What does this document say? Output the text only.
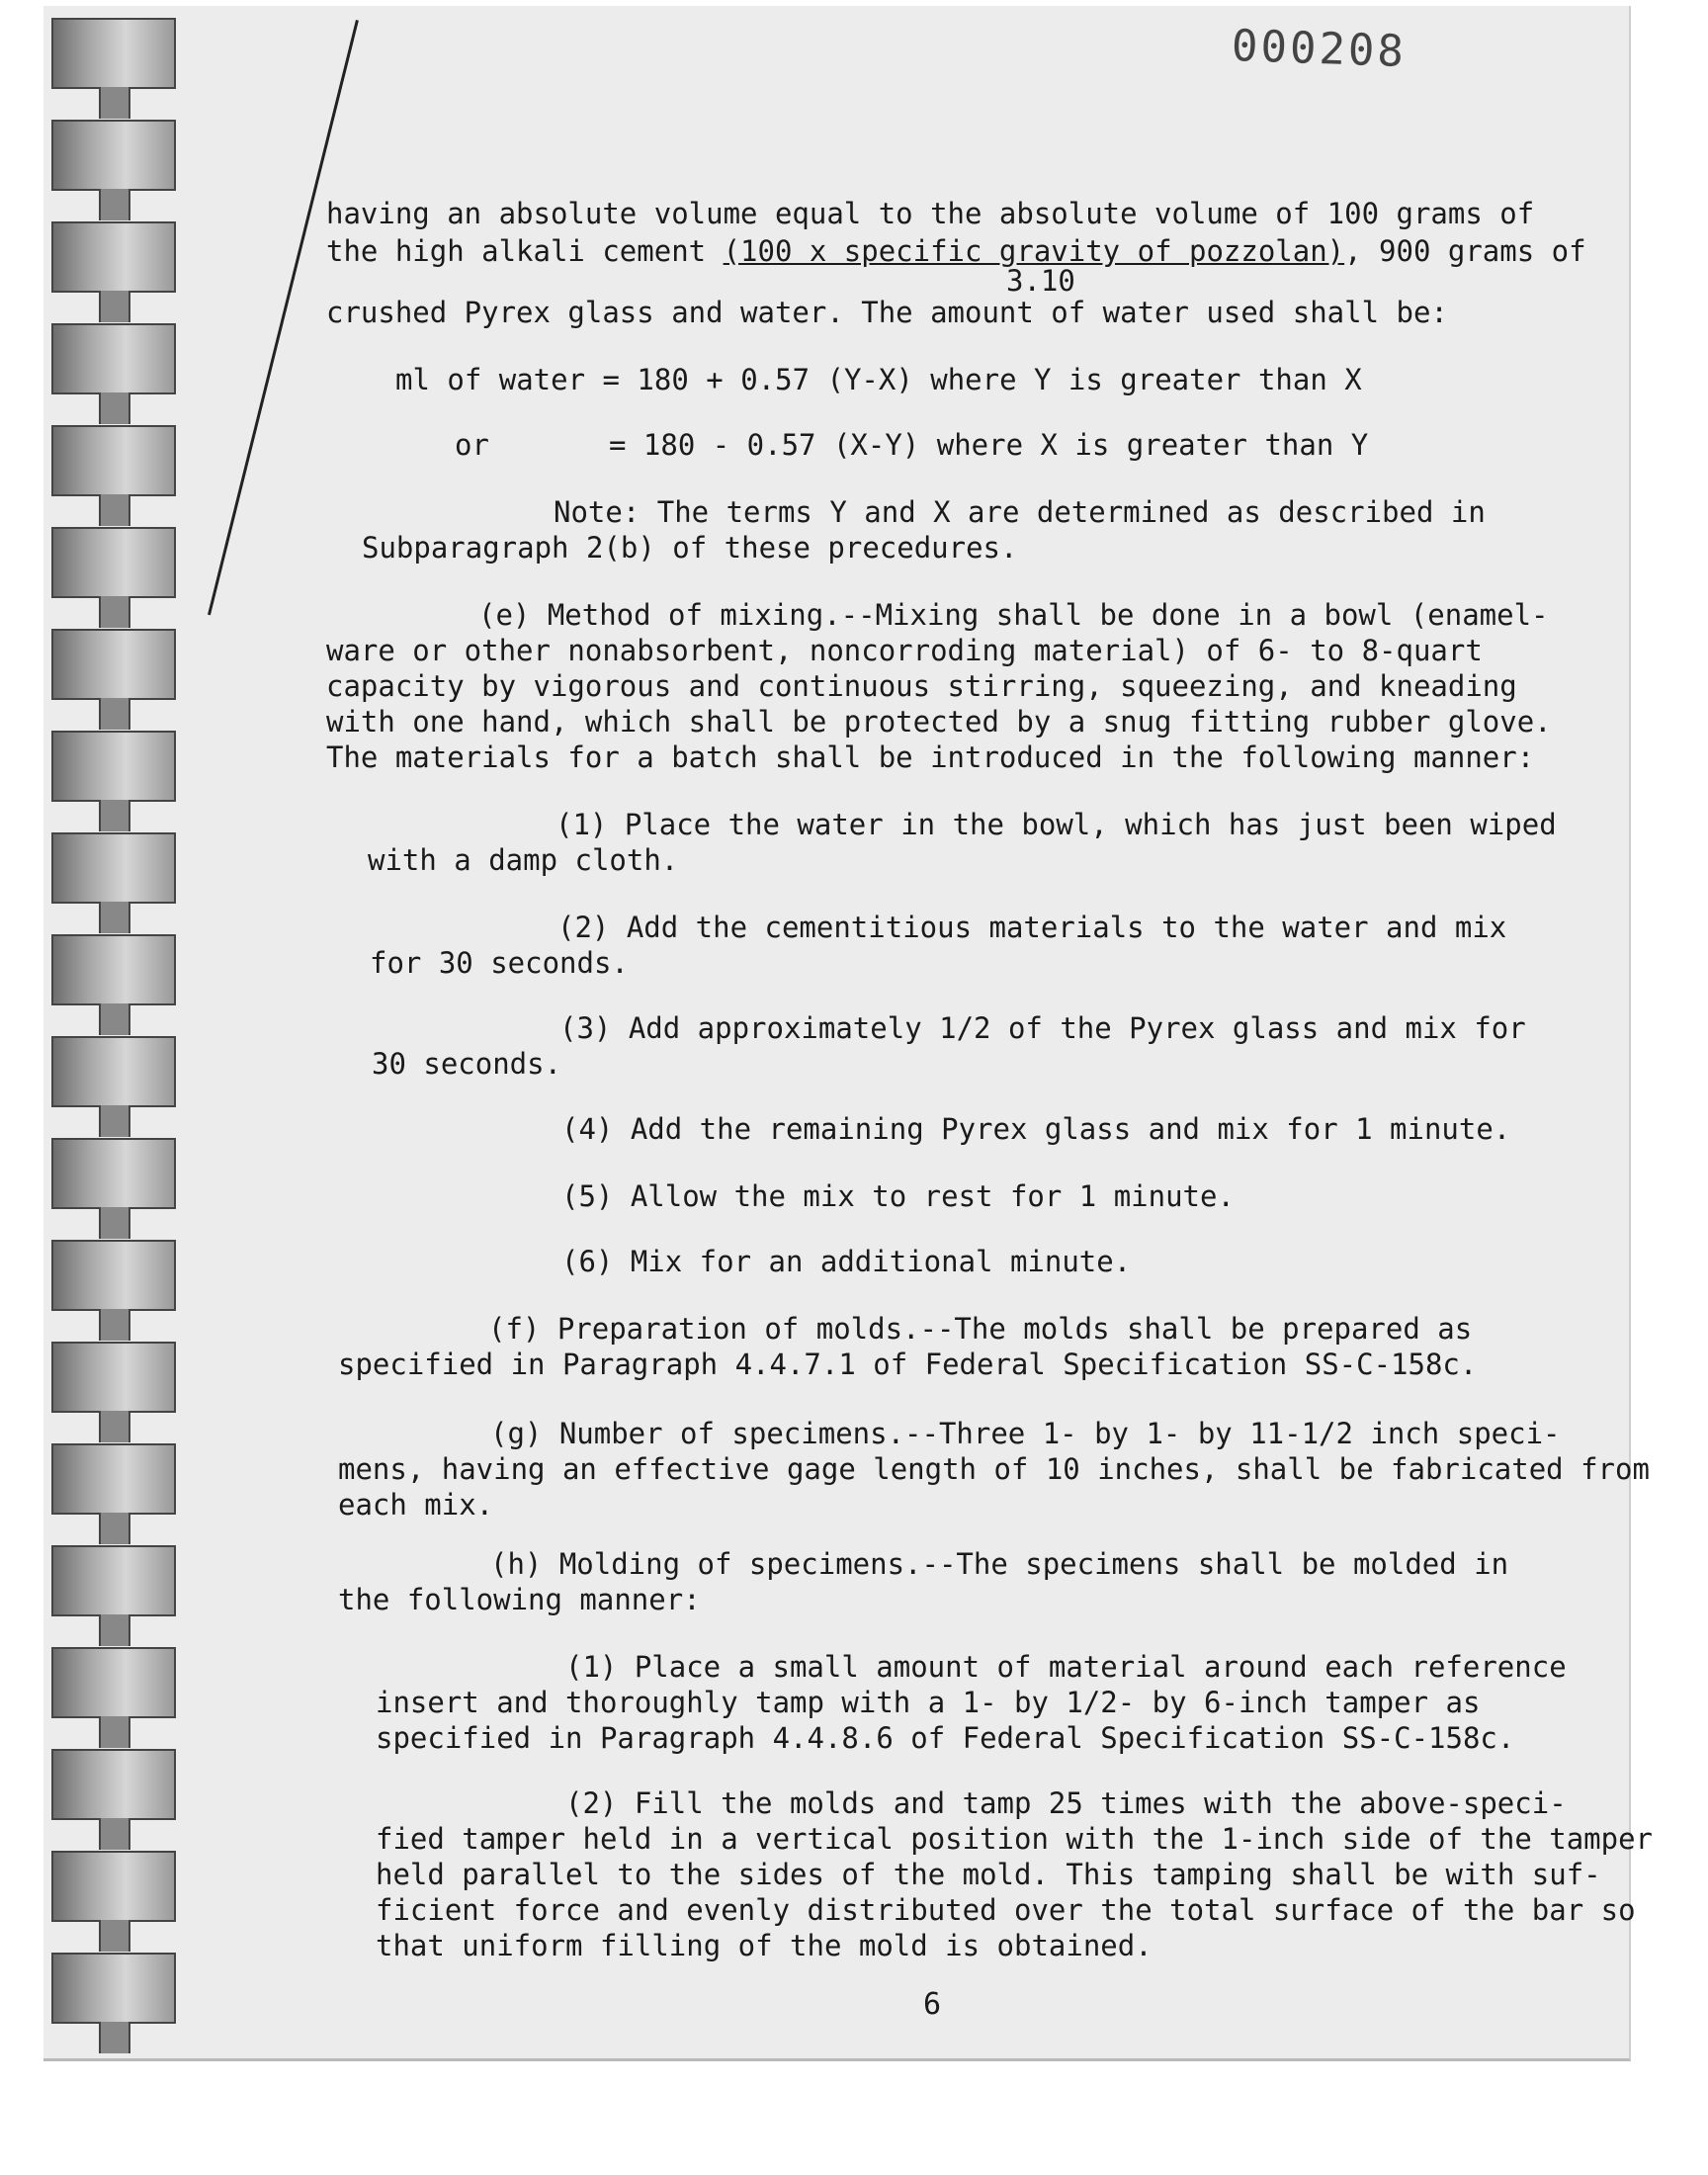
000208
having an absolute volume equal to the absolute volume of 100 grams of
the high alkali cement (100 x specific gravity of pozzolan), 900 grams of
3.10
crushed Pyrex glass and water. The amount of water used shall be:
ml of water = 180 + 0.57 (Y-X) where Y is greater than X
or	= 180 - 0.57 (X-Y) where X is greater than Y
Note: The terms Y and X are determined as described in
Subparagraph 2(b) of these precedures.
(e) Method of mixing.--Mixing shall be done in a bowl (enamel-
ware or other nonabsorbent, noncorroding material) of 6- to 8-quart
capacity by vigorous and continuous stirring, squeezing, and kneading
with one hand, which shall be protected by a snug fitting rubber glove.
The materials for a batch shall be introduced in the following manner:
(1) Place the water in the bowl, which has just been wiped
with a damp cloth.
(2) Add the cementitious materials to the water and mix
for 30 seconds.
(3) Add approximately 1/2 of the Pyrex glass and mix for
30 seconds.
(4) Add the remaining Pyrex glass and mix for 1 minute.
(5) Allow the mix to rest for 1 minute.
(6) Mix for an additional minute.
(f) Preparation of molds.--The molds shall be prepared as
specified in Paragraph 4.4.7.1 of Federal Specification SS-C-158c.
(g) Number of specimens.--Three 1- by 1- by 11-1/2 inch speci-
mens, having an effective gage length of 10 inches, shall be fabricated from
each mix.
(h) Molding of specimens.--The specimens shall be molded in
the following manner:
(1) Place a small amount of material around each reference
insert and thoroughly tamp with a 1- by 1/2- by 6-inch tamper as
specified in Paragraph 4.4.8.6 of Federal Specification SS-C-158c.
(2) Fill the molds and tamp 25 times with the above-speci-
fied tamper held in a vertical position with the 1-inch side of the tamper
held parallel to the sides of the mold. This tamping shall be with suf-
ficient force and evenly distributed over the total surface of the bar so
that uniform filling of the mold is obtained.
6
